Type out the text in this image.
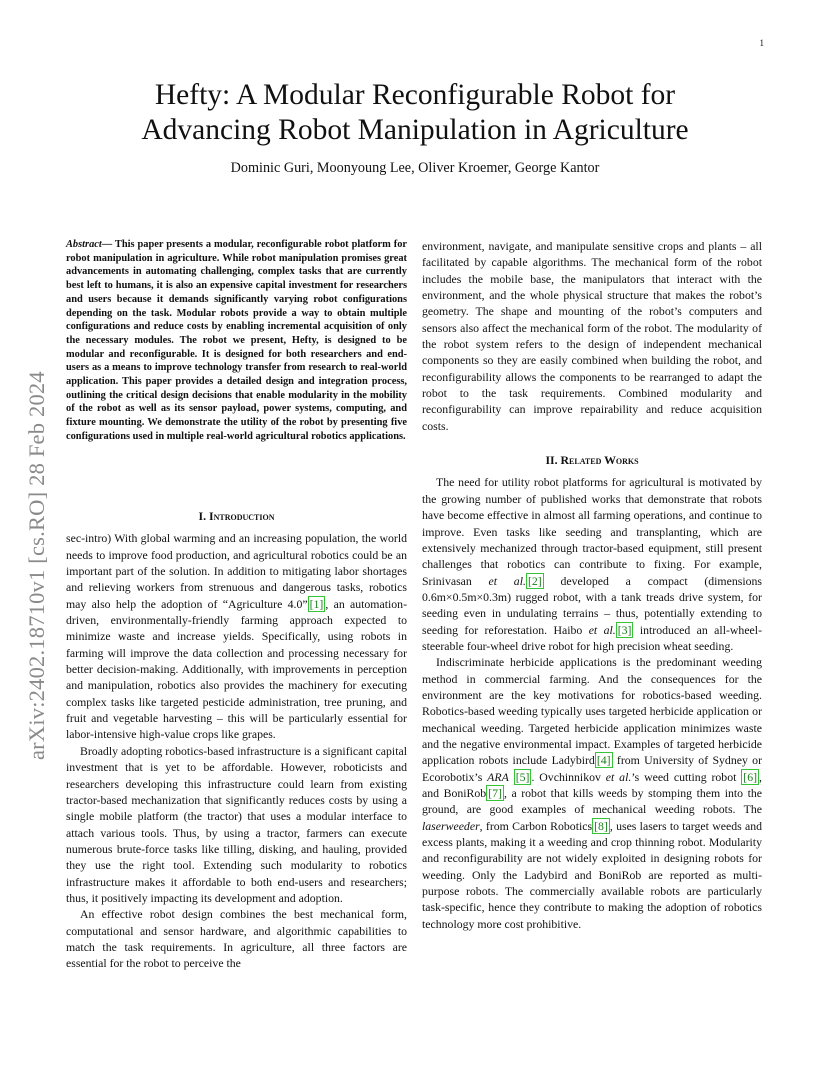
1
arXiv:2402.18710v1 [cs.RO] 28 Feb 2024
Hefty: A Modular Reconfigurable Robot for
Advancing Robot Manipulation in Agriculture
Dominic Guri, Moonyoung Lee, Oliver Kroemer, George Kantor
Abstract— This paper presents a modular, reconfigurable robot platform for robot manipulation in agriculture. While robot manipulation promises great advancements in automating challenging, complex tasks that are currently best left to humans, it is also an expensive capital investment for researchers and users because it demands significantly varying robot configurations depending on the task. Modular robots provide a way to obtain multiple configurations and reduce costs by enabling incremental acquisition of only the necessary modules. The robot we present, Hefty, is designed to be modular and reconfigurable. It is designed for both researchers and end-users as a means to improve technology transfer from research to real-world application. This paper provides a detailed design and integration process, outlining the critical design decisions that enable modularity in the mobility of the robot as well as its sensor payload, power systems, computing, and fixture mounting. We demonstrate the utility of the robot by presenting five configurations used in multiple real-world agricultural robotics applications.
I. Introduction

sec-intro) With global warming and an increasing population, the world needs to improve food production, and agricultural robotics could be an important part of the solution. In addition to mitigating labor shortages and relieving workers from strenuous and dangerous tasks, robotics may also help the adoption of “Agriculture 4.0” [1] , an automation-driven, environmentally-friendly farming approach expected to minimize waste and increase yields. Specifically, using robots in farming will improve the data collection and processing necessary for better decision-making. Additionally, with improvements in perception and manipulation, robotics also provides the machinery for executing complex tasks like targeted pesticide administration, tree pruning, and fruit and vegetable harvesting – this will be particularly essential for labor-intensive high-value crops like grapes.

Broadly adopting robotics-based infrastructure is a significant capital investment that is yet to be affordable. However, roboticists and researchers developing this infrastructure could learn from existing tractor-based mechanization that significantly reduces costs by using a single mobile platform (the tractor) that uses a modular interface to attach various tools. Thus, by using a tractor, farmers can execute numerous brute-force tasks like tilling, disking, and hauling, provided they use the right tool. Extending such modularity to robotics infrastructure makes it affordable to both end-users and researchers; thus, it positively impacting its development and adoption.

An effective robot design combines the best mechanical form, computational and sensor hardware, and algorithmic capabilities to match the task requirements. In agriculture, all three factors are essential for the robot to perceive the

environment, navigate, and manipulate sensitive crops and plants – all facilitated by capable algorithms. The mechanical form of the robot includes the mobile base, the manipulators that interact with the environment, and the whole physical structure that makes the robot’s geometry. The shape and mounting of the robot’s computers and sensors also affect the mechanical form of the robot. The modularity of the robot system refers to the design of independent mechanical components so they are easily combined when building the robot, and reconfigurability allows the components to be rearranged to adapt the robot to the task requirements. Combined modularity and reconfigurability can improve repairability and reduce acquisition costs.

II. Related Works

The need for utility robot platforms for agricultural is motivated by the growing number of published works that demonstrate that robots have become effective in almost all farming operations, and continue to improve. Even tasks like seeding and transplanting, which are extensively mechanized through tractor-based equipment, still present challenges that robotics can contribute to fixing. For example, Srinivasan et al. [2] developed a compact (dimensions 0.6m×0.5m×0.3m) rugged robot, with a tank treads drive system, for seeding even in undulating terrains – thus, potentially extending to seeding for reforestation. Haibo et al. [3] introduced an all-wheel-steerable four-wheel drive robot for high precision wheat seeding.

Indiscriminate herbicide applications is the predominant weeding method in commercial farming. And the consequences for the environment are the key motivations for robotics-based weeding. Robotics-based weeding typically uses targeted herbicide application or mechanical weeding. Targeted herbicide application minimizes waste and the negative environmental impact. Examples of targeted herbicide application robots include Ladybird [4] from University of Sydney or Ecorobotix’s ARA [5] . Ovchinnikov et al.’s weed cutting robot [6] , and BoniRob [7] , a robot that kills weeds by stomping them into the ground, are good examples of mechanical weeding robots. The laserweeder, from Carbon Robotics [8] , uses lasers to target weeds and excess plants, making it a weeding and crop thinning robot. Modularity and reconfigurability are not widely exploited in designing robots for weeding. Only the Ladybird and BoniRob are reported as multi-purpose robots. The commercially available robots are particularly task-specific, hence they contribute to making the adoption of robotics technology more cost prohibitive.
